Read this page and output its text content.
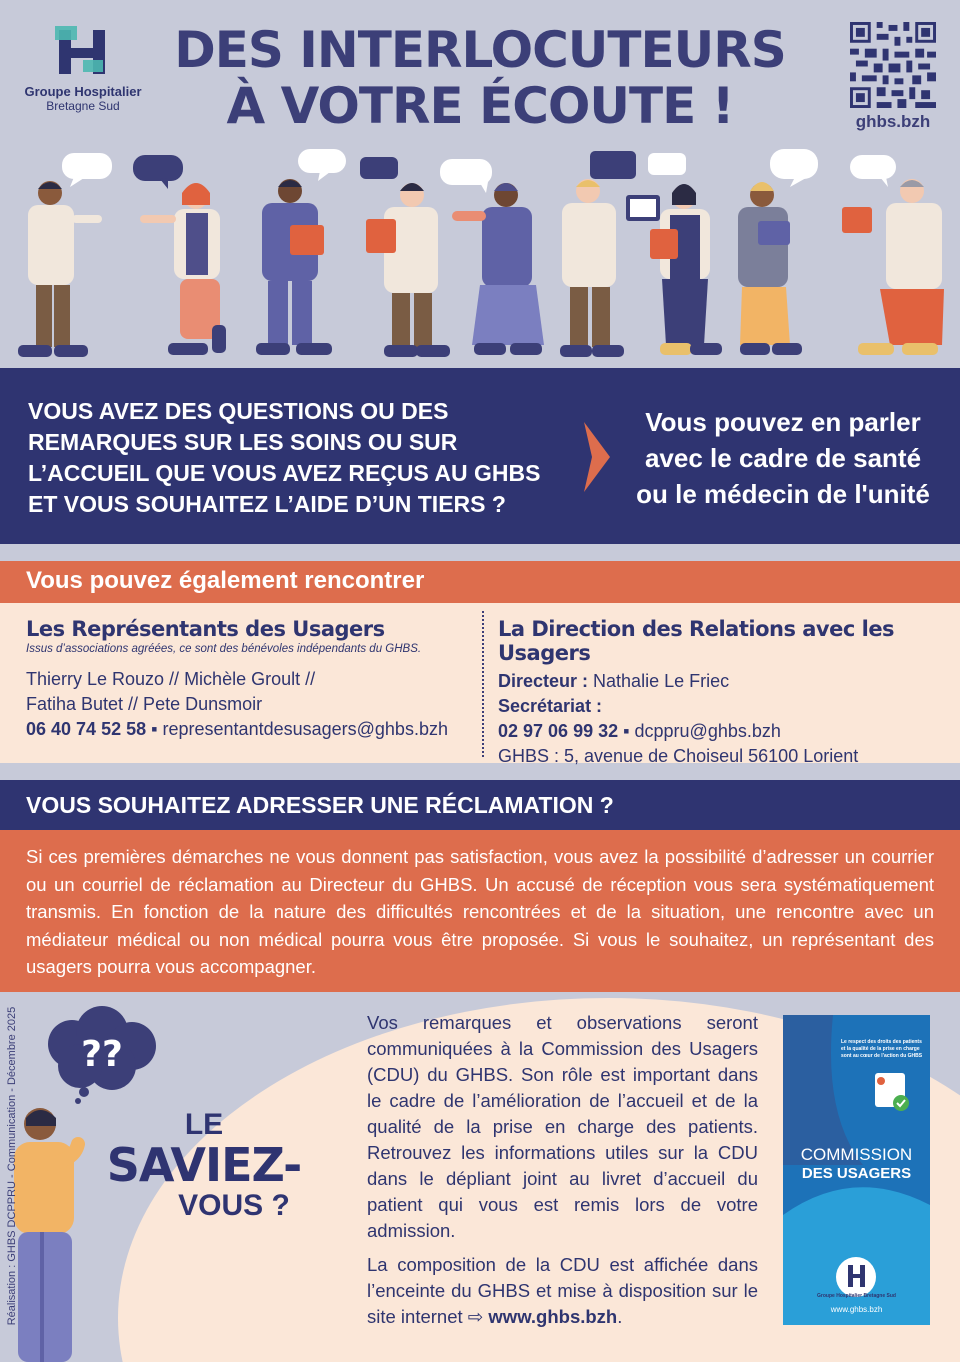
Groupe Hospitalier
Bretagne Sud
DES INTERLOCUTEURS
À VOTRE ÉCOUTE !	ghbs.bzh
VOUS AVEZ DES QUESTIONS OU DES
REMARQUES SUR LES SOINS OU SUR
L’ACCUEIL QUE VOUS AVEZ REÇUS AU GHBS
ET VOUS SOUHAITEZ L’AIDE D’UN TIERS ?
Vous pouvez en parler
avec le cadre de santé
ou le médecin de l'unité
Vous pouvez également rencontrer
Les Représentants des Usagers
Issus d’associations agréées, ce sont des bénévoles indépendants du GHBS.
Thierry Le Rouzo // Michèle Groult //
Fatiha Butet // Pete Dunsmoir
06 40 74 52 58 ▪ representantdesusagers@ghbs.bzh
La Direction des Relations avec les Usagers
Directeur : Nathalie Le Friec
Secrétariat :
02 97 06 99 32 ▪ dcppru@ghbs.bzh
GHBS : 5, avenue de Choiseul 56100 Lorient
VOUS SOUHAITEZ ADRESSER UNE RÉCLAMATION ?

Si ces premières démarches ne vous donnent pas satisfaction, vous avez la possibilité d’adresser un courrier ou un courriel de réclamation au Directeur du GHBS. Un accusé de réception vous sera systématiquement transmis. En fonction de la nature des difficultés rencontrées et de la situation, une rencontre avec un médiateur médical ou non médical pourra vous être proposée. Si vous le souhaitez, un représentant des usagers pourra vous accompagner.

??
Réalisation : GHBS DCPPRU - Communication - Décembre 2025	LE
SAVIEZ-
VOUS ?

Vos remarques et observations seront communiquées à la Commission des Usagers (CDU) du GHBS. Son rôle est important dans le cadre de l’amélioration de l’accueil et de la qualité de la prise en charge des patients. Retrouvez les informations utiles sur la CDU dans le dépliant joint au livret d’accueil du patient qui vous est remis lors de votre admission.

La composition de la CDU est affichée dans l’enceinte du GHBS et mise à disposition sur le site internet ⇨ www.ghbs.bzh.

Le respect des droits des patients et la qualité de la prise en charge sont au cœur de l’action du GHBS
COMMISSION
DES USAGERS
Groupe Hospitalier Bretagne Sud
www.ghbs.bzh
